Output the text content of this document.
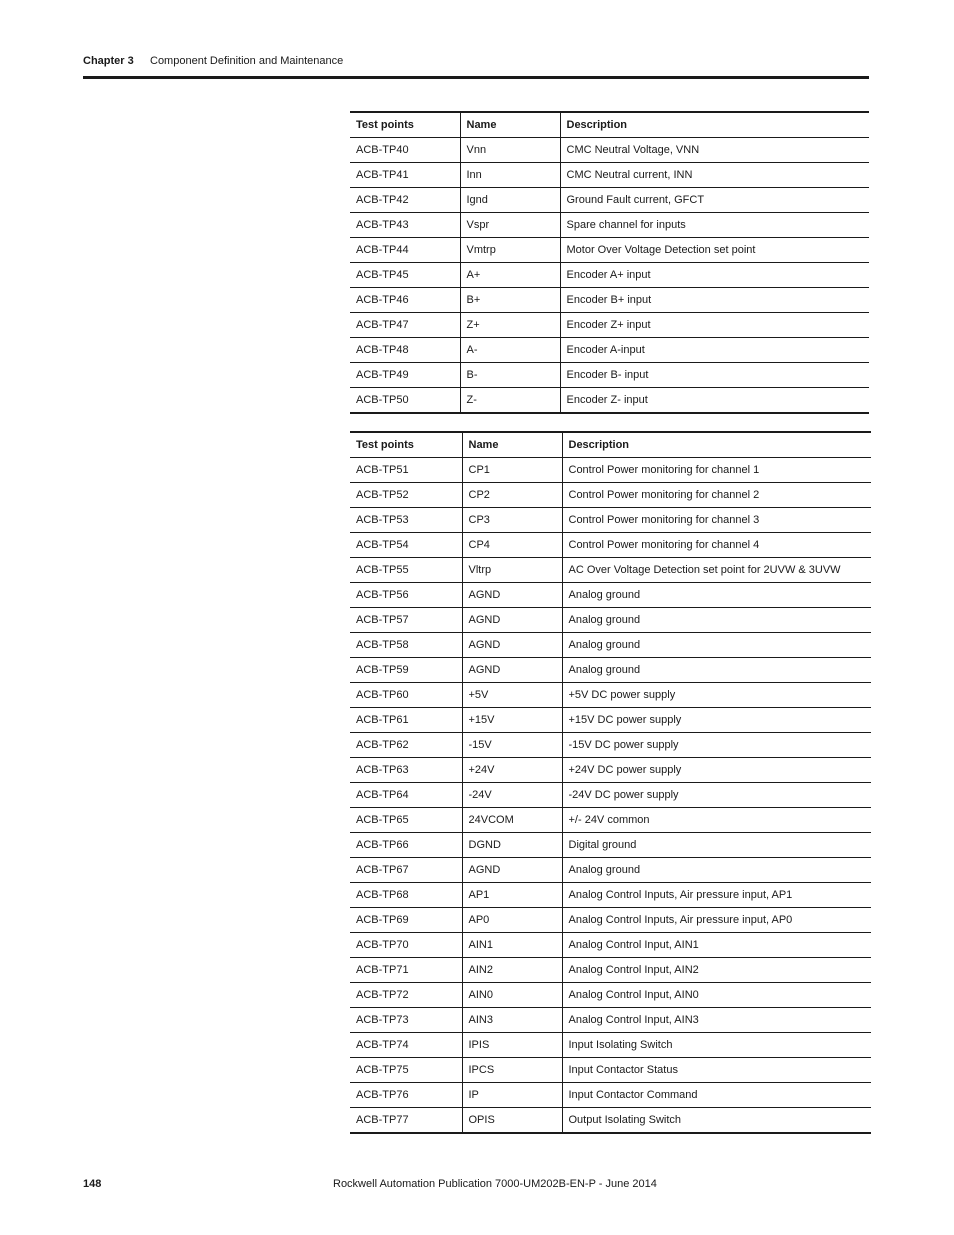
Chapter 3 Component Definition and Maintenance
Test points	Name	Description
ACB-TP40	Vnn	CMC Neutral Voltage, VNN
ACB-TP41	Inn	CMC Neutral current, INN
ACB-TP42	Ignd	Ground Fault current, GFCT
ACB-TP43	Vspr	Spare channel for inputs
ACB-TP44	Vmtrp	Motor Over Voltage Detection set point
ACB-TP45	A+	Encoder A+ input
ACB-TP46	B+	Encoder B+ input
ACB-TP47	Z+	Encoder Z+ input
ACB-TP48	A-	Encoder A-input
ACB-TP49	B-	Encoder B- input
ACB-TP50	Z-	Encoder Z- input
Test points	Name	Description
ACB-TP51	CP1	Control Power monitoring for channel 1
ACB-TP52	CP2	Control Power monitoring for channel 2
ACB-TP53	CP3	Control Power monitoring for channel 3
ACB-TP54	CP4	Control Power monitoring for channel 4
ACB-TP55	Vltrp	AC Over Voltage Detection set point for 2UVW & 3UVW
ACB-TP56	AGND	Analog ground
ACB-TP57	AGND	Analog ground
ACB-TP58	AGND	Analog ground
ACB-TP59	AGND	Analog ground
ACB-TP60	+5V	+5V DC power supply
ACB-TP61	+15V	+15V DC power supply
ACB-TP62	-15V	-15V DC power supply
ACB-TP63	+24V	+24V DC power supply
ACB-TP64	-24V	-24V DC power supply
ACB-TP65	24VCOM	+/- 24V common
ACB-TP66	DGND	Digital ground
ACB-TP67	AGND	Analog ground
ACB-TP68	AP1	Analog Control Inputs, Air pressure input, AP1
ACB-TP69	AP0	Analog Control Inputs, Air pressure input, AP0
ACB-TP70	AIN1	Analog Control Input, AIN1
ACB-TP71	AIN2	Analog Control Input, AIN2
ACB-TP72	AIN0	Analog Control Input, AIN0
ACB-TP73	AIN3	Analog Control Input, AIN3
ACB-TP74	IPIS	Input Isolating Switch
ACB-TP75	IPCS	Input Contactor Status
ACB-TP76	IP	Input Contactor Command
ACB-TP77	OPIS	Output Isolating Switch
148	Rockwell Automation Publication 7000-UM202B-EN-P - June 2014
